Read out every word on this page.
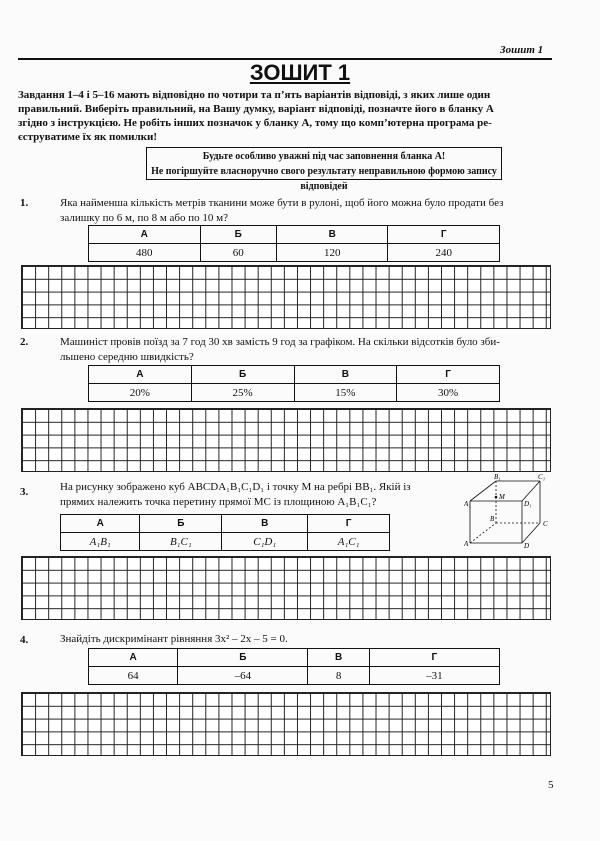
Зошит 1
ЗОШИТ 1
Завдання 1–4 і 5–16 мають відповідно по чотири та п’ять варіантів відповіді, з яких лише один
правильний. Виберіть правильний, на Вашу думку, варіант відповіді, позначте його в бланку А
згідно з інструкцією. Не робіть інших позначок у бланку А, тому що комп’ютерна програма ре-
єструватиме їх як помилки!
Будьте особливо уважні під час заповнення бланка А!
Не погіршуйте власноручно свого результату неправильною формою запису відповідей
1.	Яка найменша кількість метрів тканини може бути в рулоні, щоб його можна було продати без
залишку по 6 м, по 8 м або по 10 м?
А	Б	В	Г
480	60	120	240
2.	Машиніст провів поїзд за 7 год 30 хв замість 9 год за графіком. На скільки відсотків було зби-
льшено середню швидкість?
А	Б	В	Г
20%	25%	15%	30%
3.	На рисунку зображено куб ABCDA₁B₁C₁D₁ і точку M на ребрі BB₁. Якій із
прямих належить точка перетину прямої MC із площиною A₁B₁C₁?
А	Б	В	Г
A₁B₁	B₁C₁	C₁D₁	A₁C₁
B₁	C₁
M
A₁	D₁
B
C
A	D
4.	Знайдіть дискримінант рівняння 3x² – 2x – 5 = 0.
А	Б	В	Г
64	–64	8	–31
5
